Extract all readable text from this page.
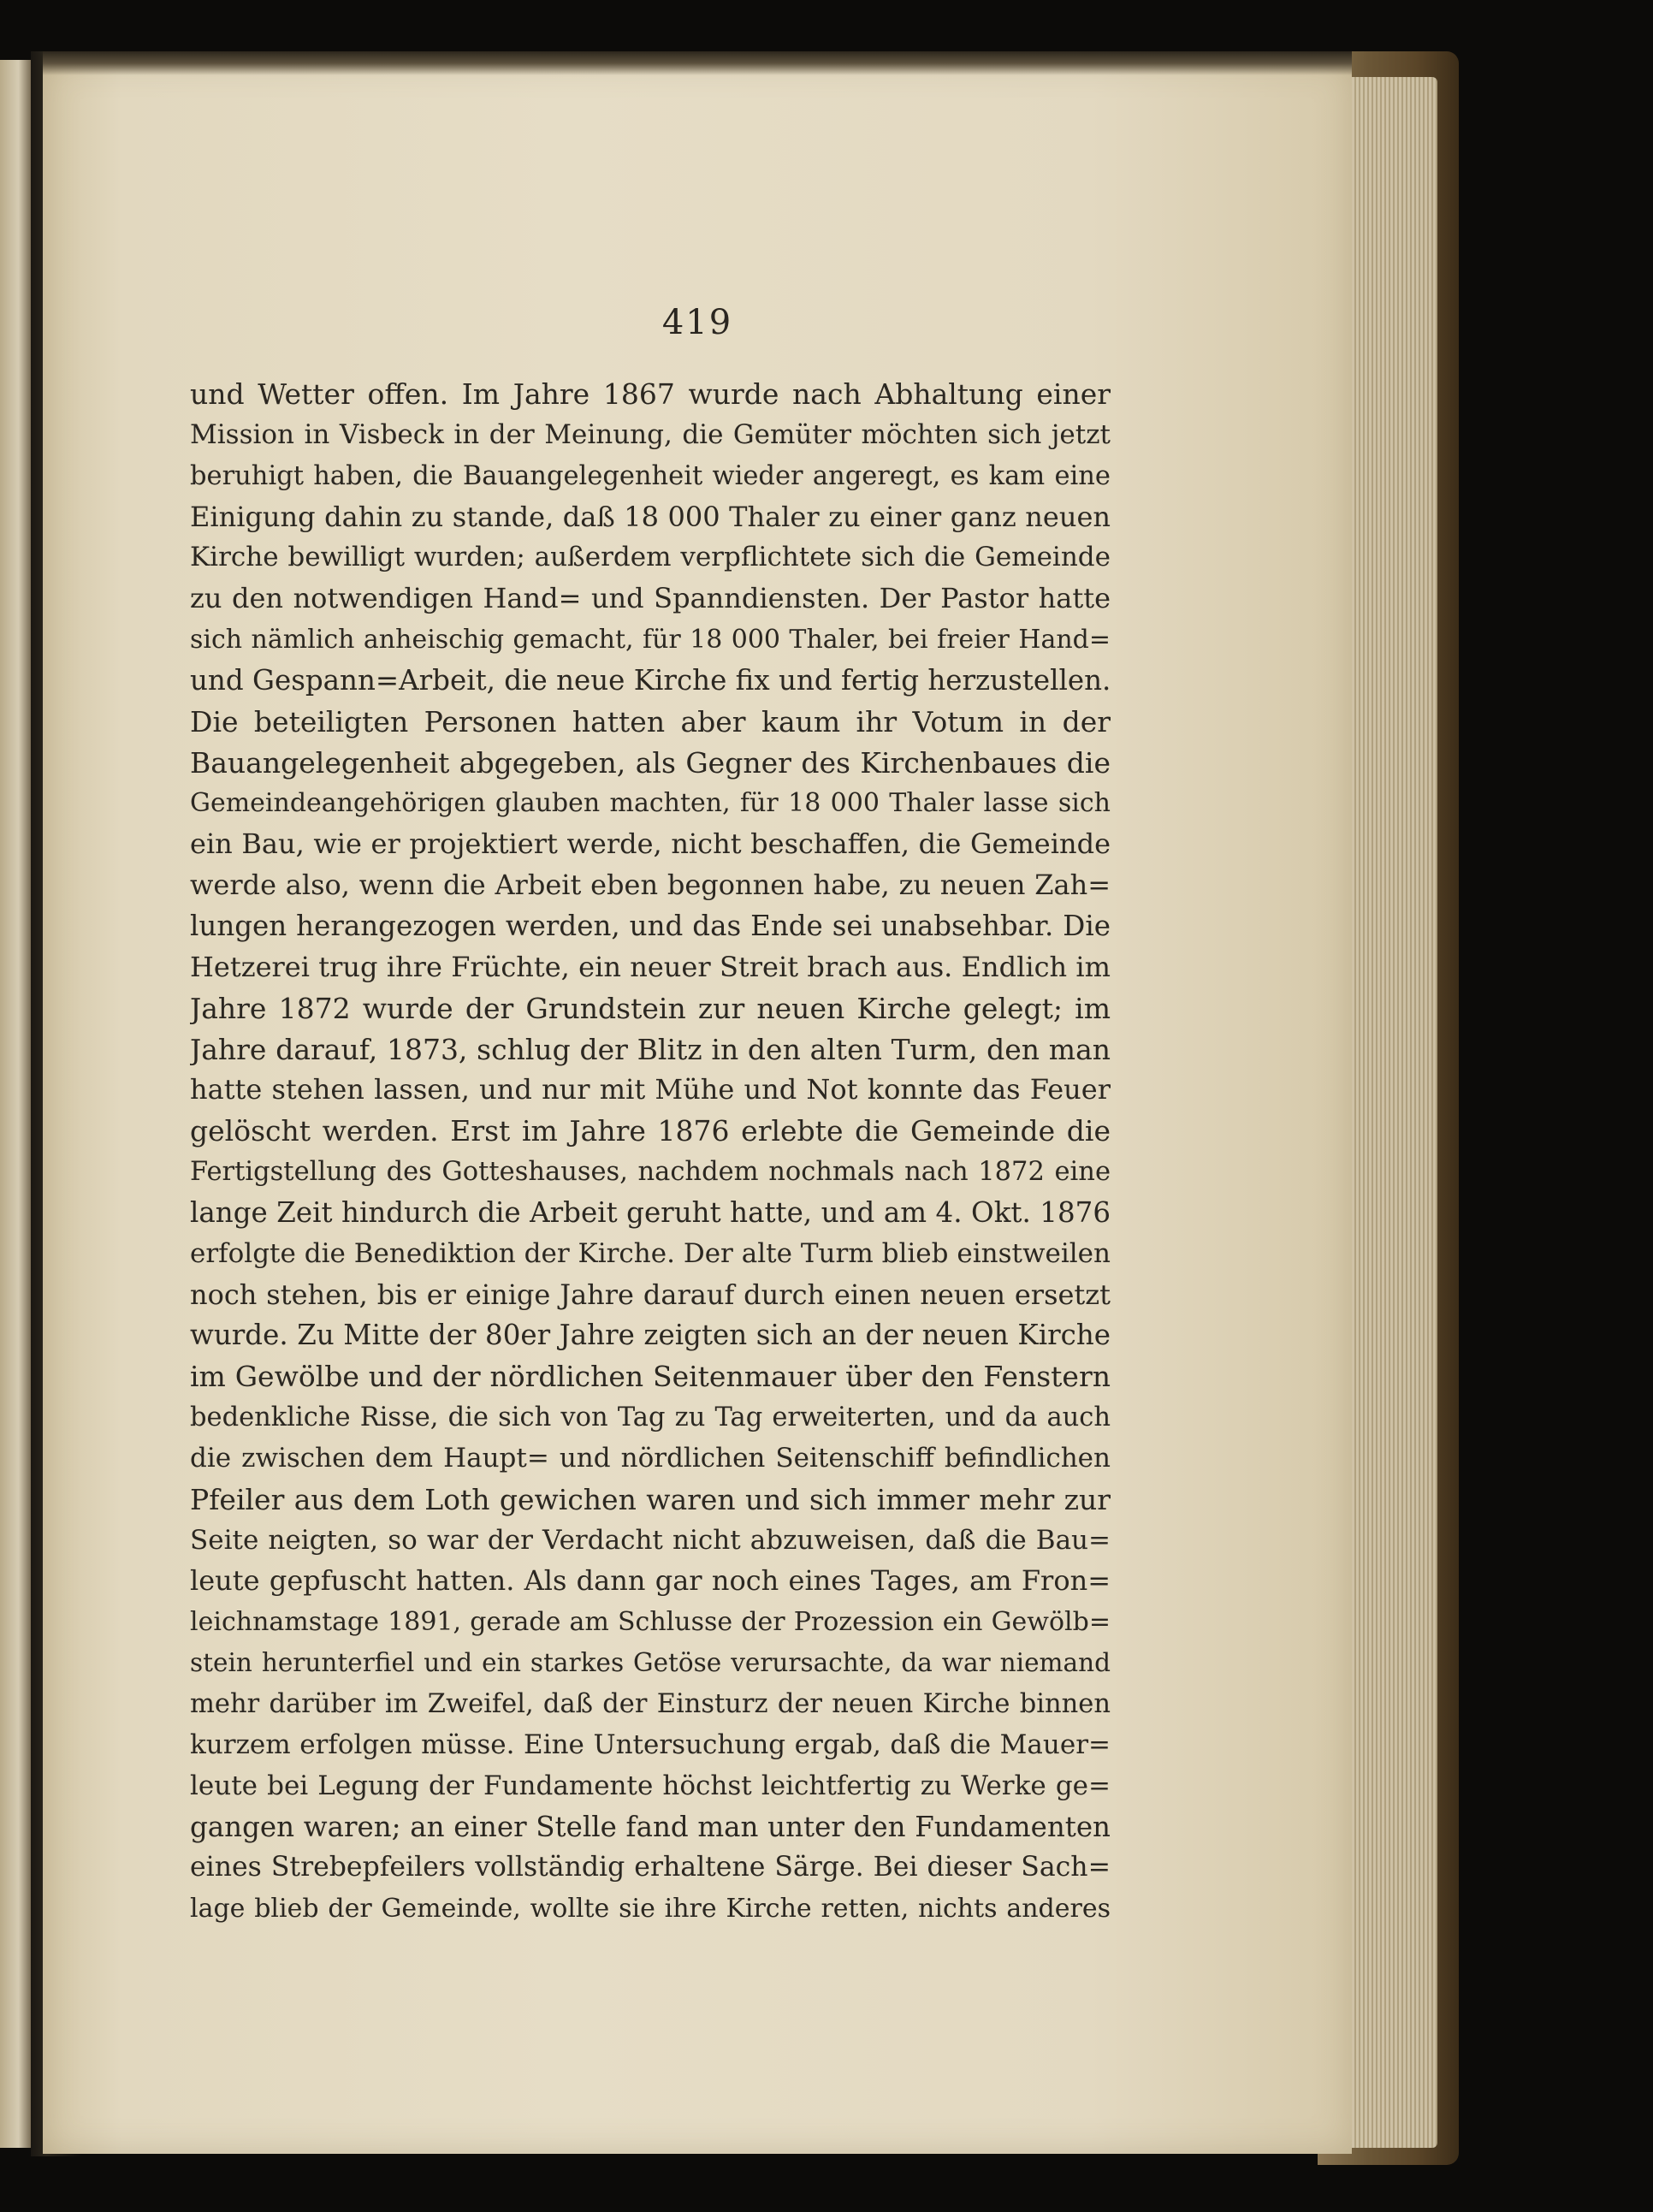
419
und Wetter offen. Im Jahre 1867 wurde nach Abhaltung einer
Mission in Visbeck in der Meinung, die Gemüter möchten sich jetzt
beruhigt haben, die Bauangelegenheit wieder angeregt, es kam eine
Einigung dahin zu stande, daß 18 000 Thaler zu einer ganz neuen
Kirche bewilligt wurden; außerdem verpflichtete sich die Gemeinde
zu den notwendigen Hand= und Spanndiensten. Der Pastor hatte
sich nämlich anheischig gemacht, für 18 000 Thaler, bei freier Hand=
und Gespann=Arbeit, die neue Kirche fix und fertig herzustellen.
Die beteiligten Personen hatten aber kaum ihr Votum in der
Bauangelegenheit abgegeben, als Gegner des Kirchenbaues die
Gemeindeangehörigen glauben machten, für 18 000 Thaler lasse sich
ein Bau, wie er projektiert werde, nicht beschaffen, die Gemeinde
werde also, wenn die Arbeit eben begonnen habe, zu neuen Zah=
lungen herangezogen werden, und das Ende sei unabsehbar. Die
Hetzerei trug ihre Früchte, ein neuer Streit brach aus. Endlich im
Jahre 1872 wurde der Grundstein zur neuen Kirche gelegt; im
Jahre darauf, 1873, schlug der Blitz in den alten Turm, den man
hatte stehen lassen, und nur mit Mühe und Not konnte das Feuer
gelöscht werden. Erst im Jahre 1876 erlebte die Gemeinde die
Fertigstellung des Gotteshauses, nachdem nochmals nach 1872 eine
lange Zeit hindurch die Arbeit geruht hatte, und am 4. Okt. 1876
erfolgte die Benediktion der Kirche. Der alte Turm blieb einstweilen
noch stehen, bis er einige Jahre darauf durch einen neuen ersetzt
wurde. Zu Mitte der 80er Jahre zeigten sich an der neuen Kirche
im Gewölbe und der nördlichen Seitenmauer über den Fenstern
bedenkliche Risse, die sich von Tag zu Tag erweiterten, und da auch
die zwischen dem Haupt= und nördlichen Seitenschiff befindlichen
Pfeiler aus dem Loth gewichen waren und sich immer mehr zur
Seite neigten, so war der Verdacht nicht abzuweisen, daß die Bau=
leute gepfuscht hatten. Als dann gar noch eines Tages, am Fron=
leichnamstage 1891, gerade am Schlusse der Prozession ein Gewölb=
stein herunterfiel und ein starkes Getöse verursachte, da war niemand
mehr darüber im Zweifel, daß der Einsturz der neuen Kirche binnen
kurzem erfolgen müsse. Eine Untersuchung ergab, daß die Mauer=
leute bei Legung der Fundamente höchst leichtfertig zu Werke ge=
gangen waren; an einer Stelle fand man unter den Fundamenten
eines Strebepfeilers vollständig erhaltene Särge. Bei dieser Sach=
lage blieb der Gemeinde, wollte sie ihre Kirche retten, nichts anderes
